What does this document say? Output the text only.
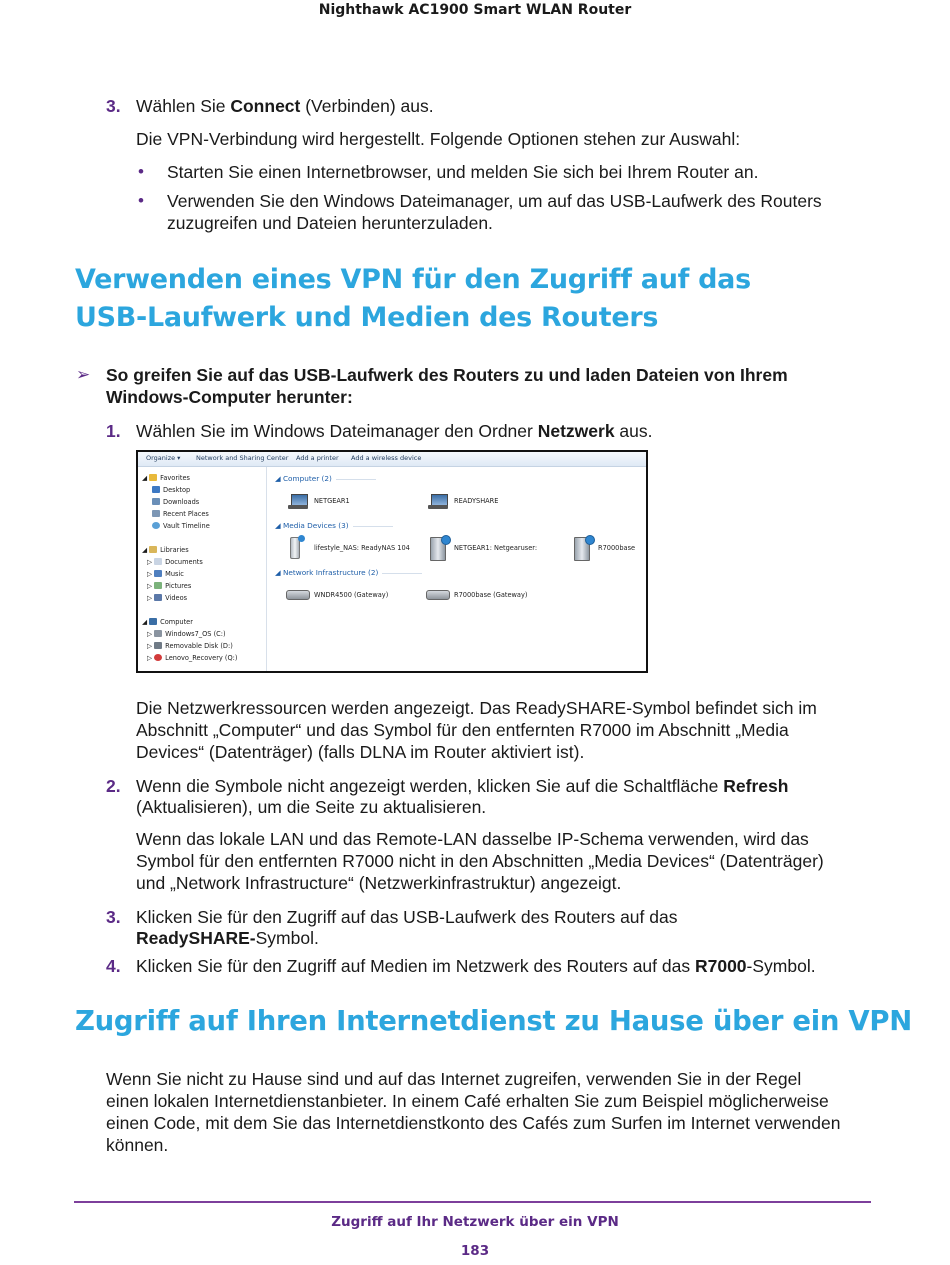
Nighthawk AC1900 Smart WLAN Router
3. Wählen Sie Connect (Verbinden) aus.
Die VPN-Verbindung wird hergestellt. Folgende Optionen stehen zur Auswahl:
• Starten Sie einen Internetbrowser, und melden Sie sich bei Ihrem Router an.
• Verwenden Sie den Windows Dateimanager, um auf das USB-Laufwerk des Routers
zuzugreifen und Dateien herunterzuladen.
Verwenden eines VPN für den Zugriff auf das
USB-Laufwerk und Medien des Routers
➢ So greifen Sie auf das USB-Laufwerk des Routers zu und laden Dateien von Ihrem
Windows-Computer herunter:
1. Wählen Sie im Windows Dateimanager den Ordner Netzwerk aus.
Organize ▾ Network and Sharing Center Add a printer Add a wireless device
◢ Favorites
Desktop
Downloads
Recent Places
Vault Timeline
◢ Libraries
▷ Documents
▷ Music
▷ Pictures
▷ Videos
◢ Computer
▷ Windows7_OS (C:)
▷ Removable Disk (D:)
▷ Lenovo_Recovery (Q:)
◢ Computer (2)
NETGEAR1	READYSHARE
◢ Media Devices (3)
lifestyle_NAS: ReadyNAS 104	NETGEAR1: Netgearuser:	R7000base
◢ Network Infrastructure (2)
WNDR4500 (Gateway)	R7000base (Gateway)
Die Netzwerkressourcen werden angezeigt. Das ReadySHARE-Symbol befindet sich im
Abschnitt „Computer“ und das Symbol für den entfernten R7000 im Abschnitt „Media
Devices“ (Datenträger) (falls DLNA im Router aktiviert ist).
2. Wenn die Symbole nicht angezeigt werden, klicken Sie auf die Schaltfläche Refresh
(Aktualisieren), um die Seite zu aktualisieren.
Wenn das lokale LAN und das Remote-LAN dasselbe IP-Schema verwenden, wird das
Symbol für den entfernten R7000 nicht in den Abschnitten „Media Devices“ (Datenträger)
und „Network Infrastructure“ (Netzwerkinfrastruktur) angezeigt.
3. Klicken Sie für den Zugriff auf das USB-Laufwerk des Routers auf das
ReadySHARE-Symbol.
4. Klicken Sie für den Zugriff auf Medien im Netzwerk des Routers auf das R7000-Symbol.
Zugriff auf Ihren Internetdienst zu Hause über ein VPN
Wenn Sie nicht zu Hause sind und auf das Internet zugreifen, verwenden Sie in der Regel
einen lokalen Internetdienstanbieter. In einem Café erhalten Sie zum Beispiel möglicherweise
einen Code, mit dem Sie das Internetdienstkonto des Cafés zum Surfen im Internet verwenden
können.
Zugriff auf Ihr Netzwerk über ein VPN
183
